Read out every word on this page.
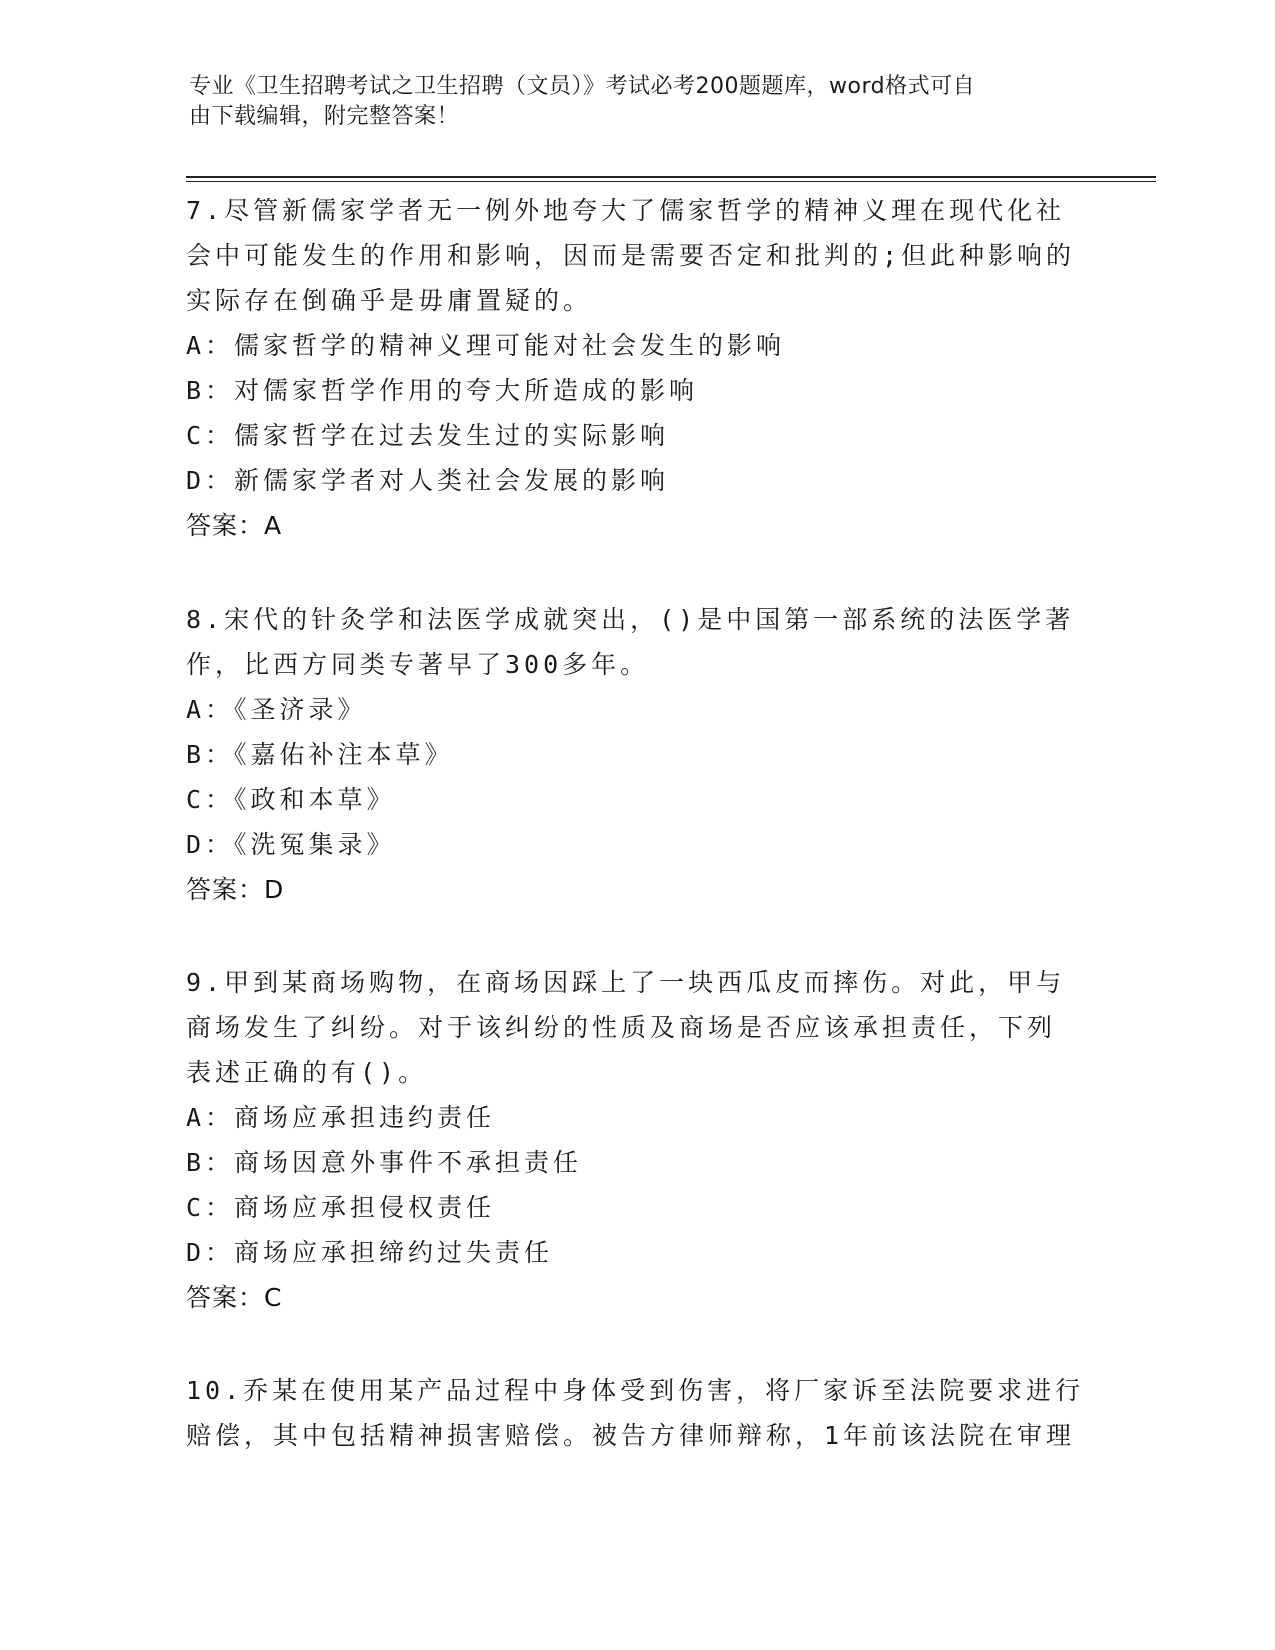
专业《卫生招聘考试之卫生招聘（文员）》考试必考200题题库，word格式可自
由下载编辑，附完整答案！

7.尽管新儒家学者无一例外地夸大了儒家哲学的精神义理在现代化社

会中可能发生的作用和影响，因而是需要否定和批判的;但此种影响的

实际存在倒确乎是毋庸置疑的。

A：儒家哲学的精神义理可能对社会发生的影响
B：对儒家哲学作用的夸大所造成的影响
C：儒家哲学在过去发生过的实际影响
D：新儒家学者对人类社会发展的影响
答案：A

8.宋代的针灸学和法医学成就突出，()是中国第一部系统的法医学著

作，比西方同类专著早了300多年。

A：《圣济录》
B：《嘉佑补注本草》
C：《政和本草》
D：《洗冤集录》
答案：D

9.甲到某商场购物，在商场因踩上了一块西瓜皮而摔伤。对此，甲与

商场发生了纠纷。对于该纠纷的性质及商场是否应该承担责任，下列

表述正确的有()。

A：商场应承担违约责任
B：商场因意外事件不承担责任
C：商场应承担侵权责任
D：商场应承担缔约过失责任
答案：C

10.乔某在使用某产品过程中身体受到伤害，将厂家诉至法院要求进行

赔偿，其中包括精神损害赔偿。被告方律师辩称，1年前该法院在审理
